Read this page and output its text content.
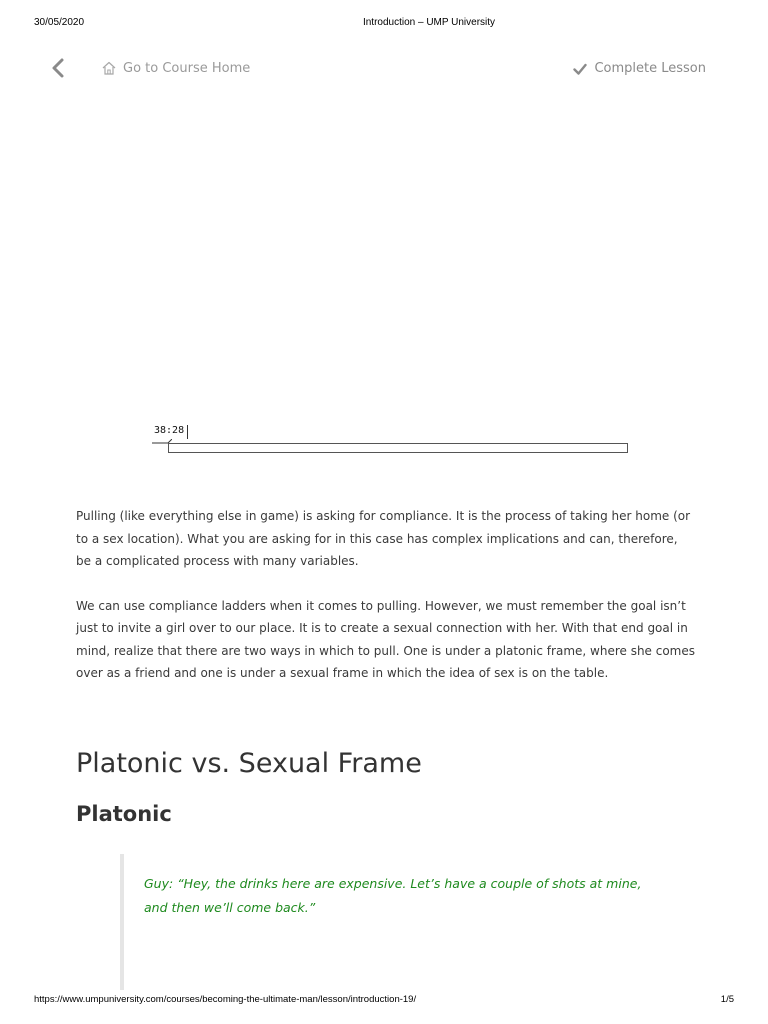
30/05/2020	Introduction – UMP University
Go to Course Home	Complete Lesson
38:28

Pulling (like everything else in game) is asking for compliance. It is the process of taking her home (or to a sex location). What you are asking for in this case has complex implications and can, therefore, be a complicated process with many variables.

We can use compliance ladders when it comes to pulling. However, we must remember the goal isn’t just to invite a girl over to our place. It is to create a sexual connection with her. With that end goal in mind, realize that there are two ways in which to pull. One is under a platonic frame, where she comes over as a friend and one is under a sexual frame in which the idea of sex is on the table.

Platonic vs. Sexual Frame
Platonic
Guy: “Hey, the drinks here are expensive. Let’s have a couple of shots at mine, and then we’ll come back.”
https://www.umpuniversity.com/courses/becoming-the-ultimate-man/lesson/introduction-19/	1/5
